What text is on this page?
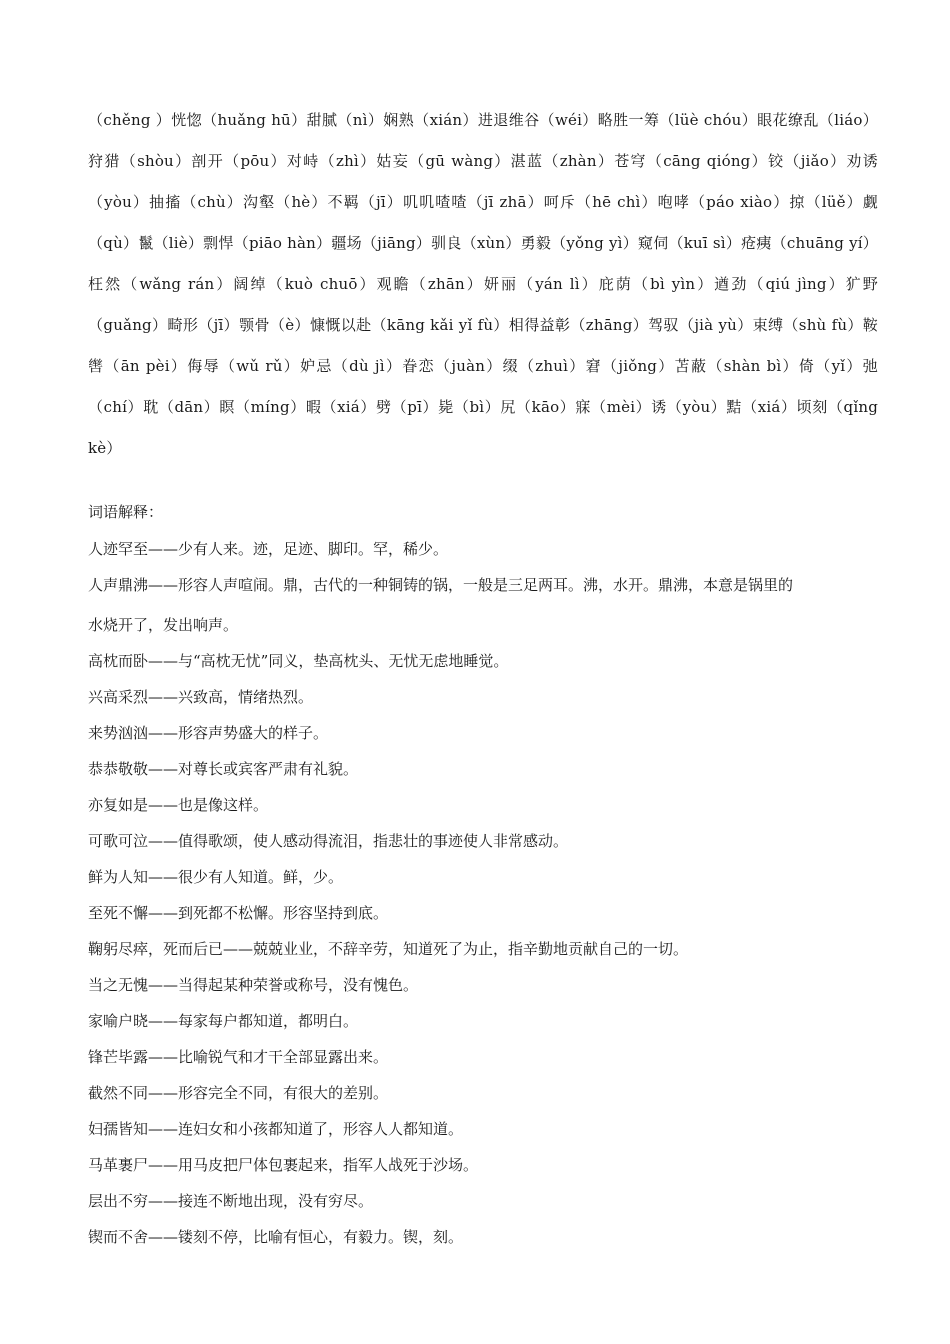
（chěng ）恍惚（huǎng hū）甜腻（nì）娴熟（xián）进退维谷（wéi）略胜一筹（lüè chóu）眼花缭乱（liáo）狩猎（shòu）剖开（pōu）对峙（zhì）姑妄（gū wàng）湛蓝（zhàn）苍穹（cāng qióng）铰（jiǎo）劝诱（yòu）抽搐（chù）沟壑（hè）不羁（jī）叽叽喳喳（jī zhā）呵斥（hē chì）咆哮（páo xiào）掠（lüě）觑（qù）鬣（liè）剽悍（piāo hàn）疆场（jiāng）驯良（xùn）勇毅（yǒng yì）窥伺（kuī sì）疮痍（chuāng yí）枉然（wǎng rán）阔绰（kuò chuō）观瞻（zhān）妍丽（yán lì）庇荫（bì yìn）遒劲（qiú jìng）犷野（guǎng）畸形（jī）颚骨（è）慷慨以赴（kāng kǎi yǐ fù）相得益彰（zhāng）驾驭（jià yù）束缚（shù fù）鞍辔（ān pèi）侮辱（wǔ rǔ）妒忌（dù jì）眷恋（juàn）缀（zhuì）窘（jiǒng）苫蔽（shàn bì）倚（yǐ）弛（chí）耽（dān）瞑（míng）暇（xiá）劈（pī）毙（bì）尻（kāo）寐（mèi）诱（yòu）黠（xiá）顷刻（qǐng kè）

词语解释：
人迹罕至——少有人来。迹，足迹、脚印。罕，稀少。
人声鼎沸——形容人声喧闹。鼎，古代的一种铜铸的锅，一般是三足两耳。沸，水开。鼎沸，本意是锅里的
水烧开了，发出响声。
高枕而卧——与“高枕无忧”同义，垫高枕头、无忧无虑地睡觉。
兴高采烈——兴致高，情绪热烈。
来势汹汹——形容声势盛大的样子。
恭恭敬敬——对尊长或宾客严肃有礼貌。
亦复如是——也是像这样。
可歌可泣——值得歌颂，使人感动得流泪，指悲壮的事迹使人非常感动。
鲜为人知——很少有人知道。鲜，少。
至死不懈——到死都不松懈。形容坚持到底。
鞠躬尽瘁，死而后已——兢兢业业，不辞辛劳，知道死了为止，指辛勤地贡献自己的一切。
当之无愧——当得起某种荣誉或称号，没有愧色。
家喻户晓——每家每户都知道，都明白。
锋芒毕露——比喻锐气和才干全部显露出来。
截然不同——形容完全不同，有很大的差别。
妇孺皆知——连妇女和小孩都知道了，形容人人都知道。
马革裹尸——用马皮把尸体包裹起来，指军人战死于沙场。
层出不穷——接连不断地出现，没有穷尽。
锲而不舍——镂刻不停，比喻有恒心，有毅力。锲，刻。
